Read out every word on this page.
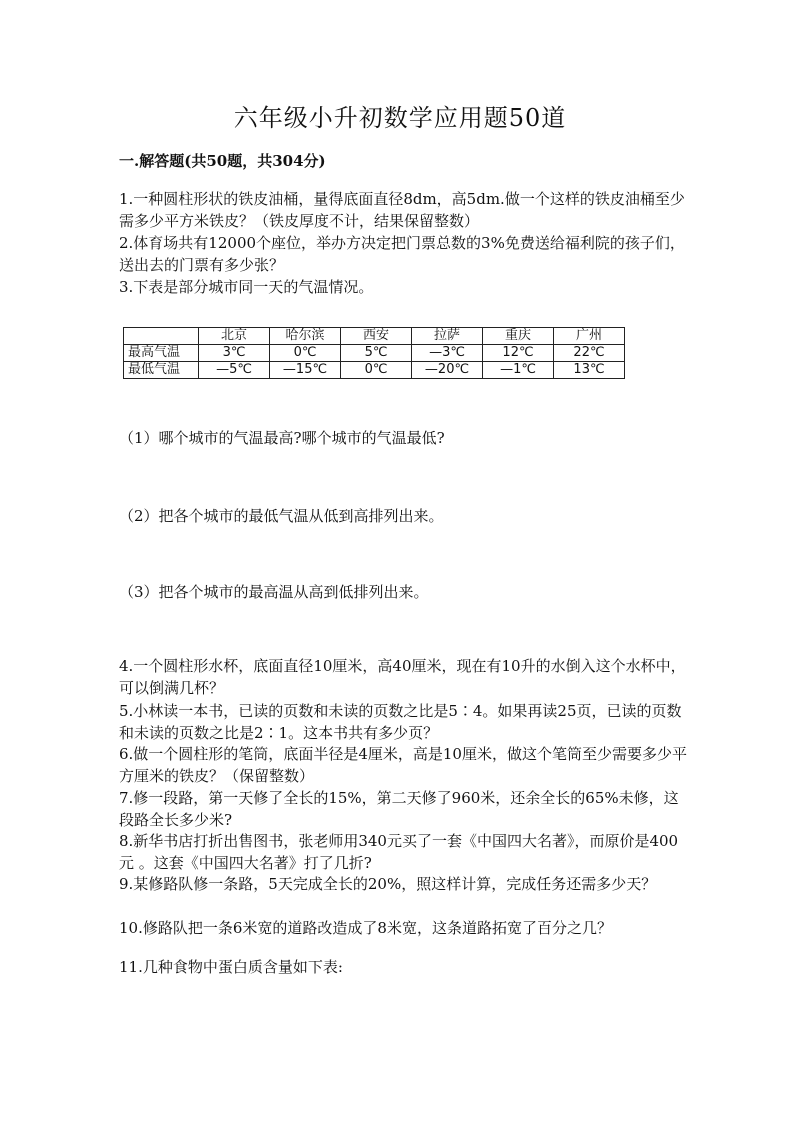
六年级小升初数学应用题50道
一.解答题(共50题，共304分)
1.一种圆柱形状的铁皮油桶，量得底面直径8dm，高5dm.做一个这样的铁皮油桶至少需多少平方米铁皮？（铁皮厚度不计，结果保留整数）
2.体育场共有12000个座位，举办方决定把门票总数的3%免费送给福利院的孩子们，送出去的门票有多少张？
3.下表是部分城市同一天的气温情况。
	北京	哈尔滨	西安	拉萨	重庆	广州
最高气温	3℃	0℃	5℃	—3℃	12℃	22℃
最低气温	—5℃	—15℃	0℃	—20℃	—1℃	13℃
（1）哪个城市的气温最高?哪个城市的气温最低?
（2）把各个城市的最低气温从低到高排列出来。
（3）把各个城市的最高温从高到低排列出来。
4.一个圆柱形水杯，底面直径10厘米，高40厘米，现在有10升的水倒入这个水杯中，可以倒满几杯？
5.小林读一本书，已读的页数和未读的页数之比是5∶4。如果再读25页，已读的页数和未读的页数之比是2∶1。这本书共有多少页？
6.做一个圆柱形的笔筒，底面半径是4厘米，高是10厘米，做这个笔筒至少需要多少平方厘米的铁皮？（保留整数）
7.修一段路，第一天修了全长的15%，第二天修了960米，还余全长的65%未修，这段路全长多少米?
8.新华书店打折出售图书，张老师用340元买了一套《中国四大名著》，而原价是400元 。这套《中国四大名著》打了几折?
9.某修路队修一条路，5天完成全长的20%，照这样计算，完成任务还需多少天？
10.修路队把一条6米宽的道路改造成了8米宽，这条道路拓宽了百分之几？
11.几种食物中蛋白质含量如下表:
